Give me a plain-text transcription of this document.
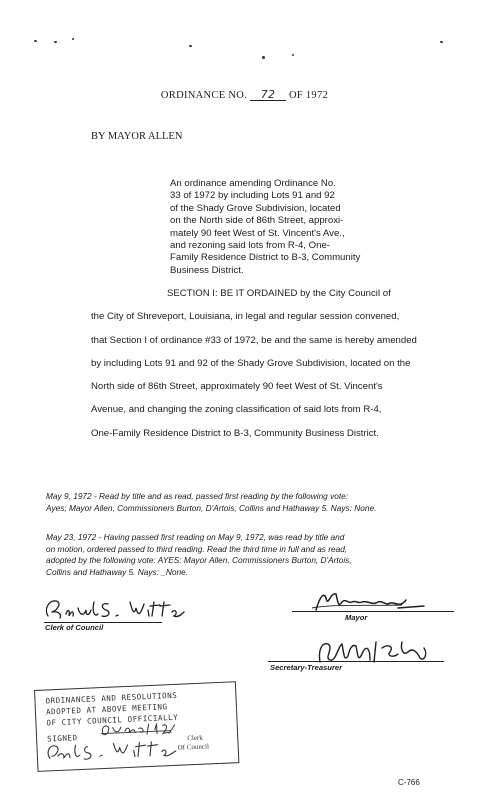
ORDINANCE NO. 72 OF 1972
BY MAYOR ALLEN
An ordinance amending Ordinance No.
33 of 1972 by including Lots 91 and 92
of the Shady Grove Subdivision, located
on the North side of 86th Street, approxi-
mately 90 feet West of St. Vincent's Ave.,
and rezoning said lots from R-4, One-
Family Residence District to B-3, Community
Business District.
SECTION I: BE IT ORDAINED by the City Council of
the City of Shreveport, Louisiana, in legal and regular session convened,
that Section I of ordinance #33 of 1972, be and the same is hereby amended
by including Lots 91 and 92 of the Shady Grove Subdivision, located on the
North side of 86th Street, approximately 90 feet West of St. Vincent's
Avenue, and changing the zoning classification of said lots from R-4,
One-Family Residence District to B-3, Community Business District.
May 9, 1972 - Read by title and as read, passed first reading by the following vote:
Ayes; Mayor Allen, Commissioners Burton, D'Artois, Collins and Hathaway 5. Nays: None.
May 23, 1972 - Having passed first reading on May 9, 1972, was read by title and
on motion, ordered passed to third reading. Read the third time in full and as read,
adopted by the following vote: AYES: Mayor Allen, Commissioners Burton, D'Artois,
Collins and Hathaway 5. Nays: _None.
Clerk of Council
Mayor
Secretary-Treasurer
ORDINANCES AND RESOLUTIONS
ADOPTED AT ABOVE MEETING
OF CITY COUNCIL OFFICIALLY
SIGNED	Clerk
Of Council
C-766
